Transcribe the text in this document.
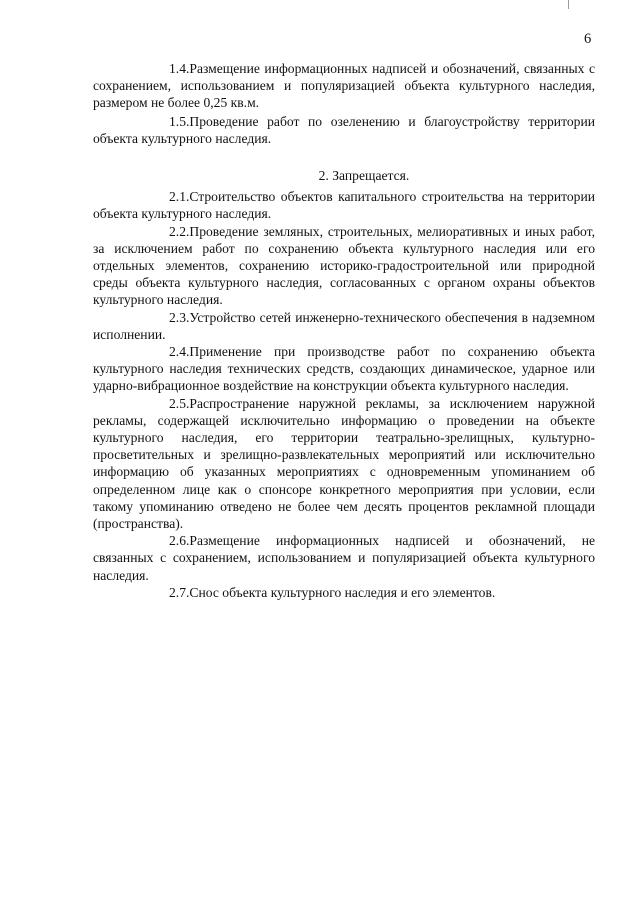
6

1.4.Размещение информационных надписей и обозначений, связанных с сохранением, использованием и популяризацией объекта культурного наследия, размером не более 0,25 кв.м.

1.5.Проведение работ по озеленению и благоустройству территории объекта культурного наследия.

2. Запрещается.

2.1.Строительство объектов капитального строительства на территории объекта культурного наследия.

2.2.Проведение земляных, строительных, мелиоративных и иных работ, за исключением работ по сохранению объекта культурного наследия или его отдельных элементов, сохранению историко-градостроительной или природной среды объекта культурного наследия, согласованных с органом охраны объектов культурного наследия.

2.3.Устройство сетей инженерно-технического обеспечения в надземном исполнении.

2.4.Применение при производстве работ по сохранению объекта культурного наследия технических средств, создающих динамическое, ударное или ударно-вибрационное воздействие на конструкции объекта культурного наследия.

2.5.Распространение наружной рекламы, за исключением наружной рекламы, содержащей исключительно информацию о проведении на объекте культурного наследия, его территории театрально-зрелищных, культурно-просветительных и зрелищно-развлекательных мероприятий или исключительно информацию об указанных мероприятиях с одновременным упоминанием об определенном лице как о спонсоре конкретного мероприятия при условии, если такому упоминанию отведено не более чем десять процентов рекламной площади (пространства).

2.6.Размещение информационных надписей и обозначений, не связанных с сохранением, использованием и популяризацией объекта культурного наследия.

2.7.Снос объекта культурного наследия и его элементов.
